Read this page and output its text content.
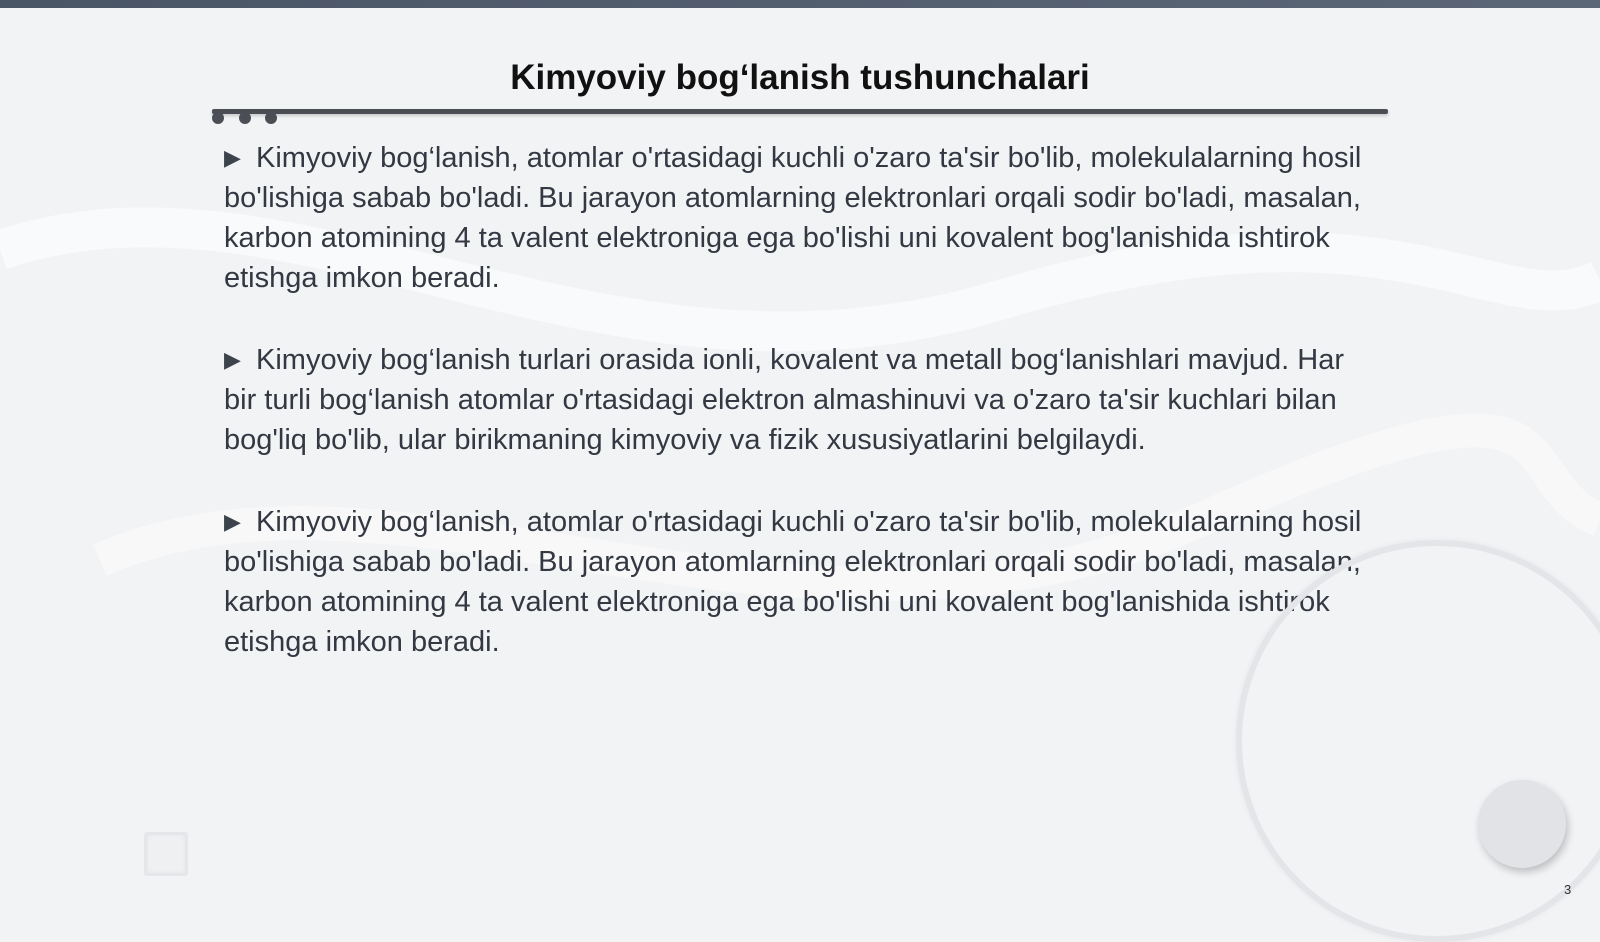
Kimyoviy bog‘lanish tushunchalari

▶ Kimyoviy bog‘lanish, atomlar o'rtasidagi kuchli o'zaro ta'sir bo'lib, molekulalarning hosil bo'lishiga sabab bo'ladi. Bu jarayon atomlarning elektronlari orqali sodir bo'ladi, masalan, karbon atomining 4 ta valent elektroniga ega bo'lishi uni kovalent bog'lanishida ishtirok etishga imkon beradi.

▶ Kimyoviy bog‘lanish turlari orasida ionli, kovalent va metall bog‘lanishlari mavjud. Har bir turli bog‘lanish atomlar o'rtasidagi elektron almashinuvi va o'zaro ta'sir kuchlari bilan bog'liq bo'lib, ular birikmaning kimyoviy va fizik xususiyatlarini belgilaydi.

▶ Kimyoviy bog‘lanish, atomlar o'rtasidagi kuchli o'zaro ta'sir bo'lib, molekulalarning hosil bo'lishiga sabab bo'ladi. Bu jarayon atomlarning elektronlari orqali sodir bo'ladi, masalan, karbon atomining 4 ta valent elektroniga ega bo'lishi uni kovalent bog'lanishida ishtirok etishga imkon beradi.

3
